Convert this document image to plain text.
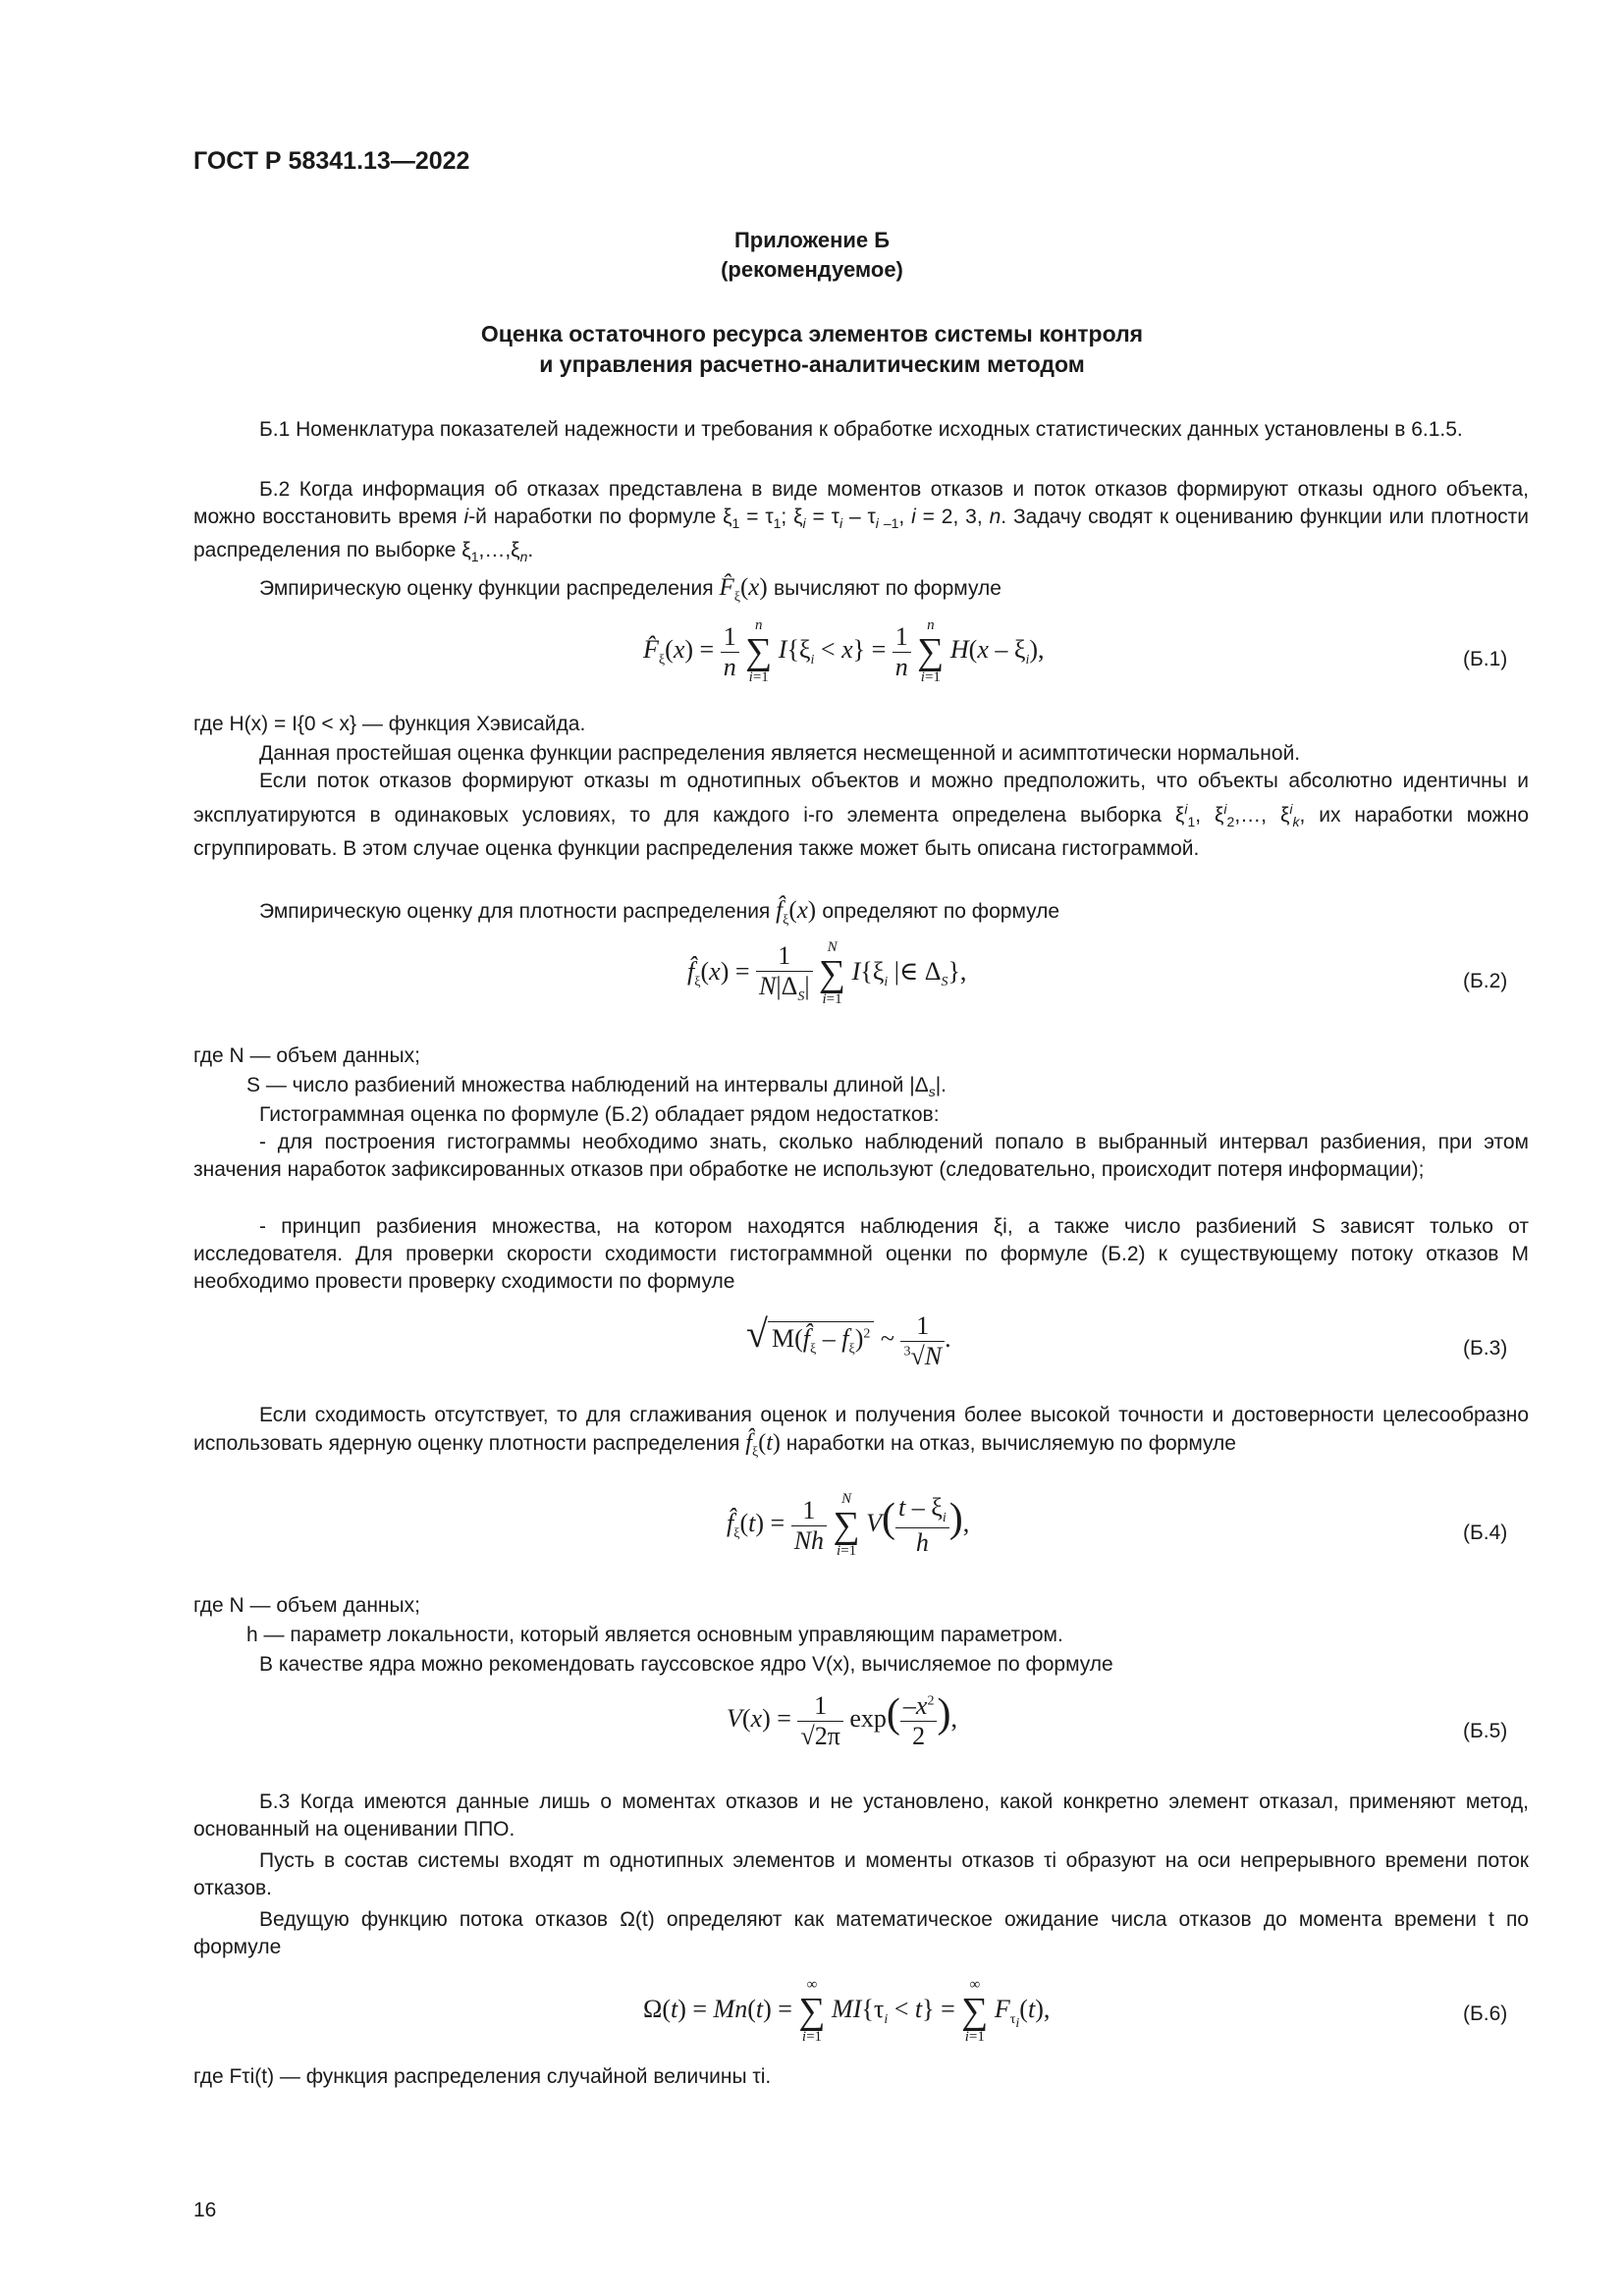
ГОСТ Р 58341.13—2022
Приложение Б
(рекомендуемое)
Оценка остаточного ресурса элементов системы контроля
и управления расчетно-аналитическим методом
Б.1 Номенклатура показателей надежности и требования к обработке исходных статистических данных установлены в 6.1.5.
Б.2 Когда информация об отказах представлена в виде моментов отказов и поток отказов формируют отказы одного объекта, можно восстановить время i-й наработки по формуле $\xi_1 = \tau_1$; $\xi_i = \tau_i - \tau_{i -1}$, i = 2, 3, n. Задачу сводят к оцениванию функции или плотности распределения по выборке $\xi_1,\dots,\xi_n$.
Эмпирическую оценку функции распределения $F̂_\xi(x)$ вычисляют по формуле
$F̂_\xi(x) = \frac{1}{n}$
	n
∑
i=1
$I\{\xi_i < x\} = \frac{1}{n}$
	n
∑
i=1
$H(x - \xi_i)$,	(Б.1)
где H(x) = I{0 < x} — функция Хэвисайда.
Данная простейшая оценка функции распределения является несмещенной и асимптотически нормальной.
Если поток отказов формируют отказы m однотипных объектов и можно предположить, что объекты абсолютно идентичны и эксплуатируются в одинаковых условиях, то для каждого i-го элемента определена выборка $\xi^i_1$, $\xi^i_2,\dots$, $\xi^i_k$, их наработки можно сгруппировать. В этом случае оценка функции распределения также может быть описана гистограммой.
Эмпирическую оценку для плотности распределения $f̂_\xi(x)$ определяют по формуле
$f̂_\xi(x) = \frac{1}{N|\Delta_S|}$
	N
∑
i=1
$I\{\xi_i$ |∈ $\Delta_S$},	(Б.2)
где N — объем данных;
S — число разбиений множества наблюдений на интервалы длиной $|\Delta_s|$.
Гистограммная оценка по формуле (Б.2) обладает рядом недостатков:
- для построения гистограммы необходимо знать, сколько наблюдений попало в выбранный интервал разбиения, при этом значения наработок зафиксированных отказов при обработке не используют (следовательно, происходит потеря информации);
- принцип разбиения множества, на котором находятся наблюдения ξi, а также число разбиений S зависят только от исследователя. Для проверки скорости сходимости гистограммной оценки по формуле (Б.2) к существующему потоку отказов M необходимо провести проверку сходимости по формуле
√ $M(f̂_\xi - f_\xi)^2$ ~ $\frac{1}{^3√N}$ .	(Б.3)
Если сходимость отсутствует, то для сглаживания оценок и получения более высокой точности и достоверности целесообразно использовать ядерную оценку плотности распределения $f̂_\xi(t)$ наработки на отказ, вычисляемую по формуле
$f̂_\xi(t) = \frac{1}{Nh}$
	N
∑
i=1
$V( \frac{t - \xi_i}{h}$ ),	(Б.4)
где N — объем данных;
h — параметр локальности, который является основным управляющим параметром.
В качестве ядра можно рекомендовать гауссовское ядро V(x), вычисляемое по формуле
$V(x) = \frac{1}{√2\pi} \exp( \frac{-x^2}{2}$ ),	(Б.5)
Б.3 Когда имеются данные лишь о моментах отказов и не установлено, какой конкретно элемент отказал, применяют метод, основанный на оценивании ППО.
Пусть в состав системы входят m однотипных элементов и моменты отказов τi образуют на оси непрерывного времени поток отказов.
Ведущую функцию потока отказов Ω(t) определяют как математическое ожидание числа отказов до момента времени t по формуле
Ω(t) = Mn(t) =
∞
∑
i=1
$MI\{\tau_i < t\}$ =
∞
∑
i=1
$F_{\tau_i}(t)$,	(Б.6)
где Fτi(t) — функция распределения случайной величины τi.
16
